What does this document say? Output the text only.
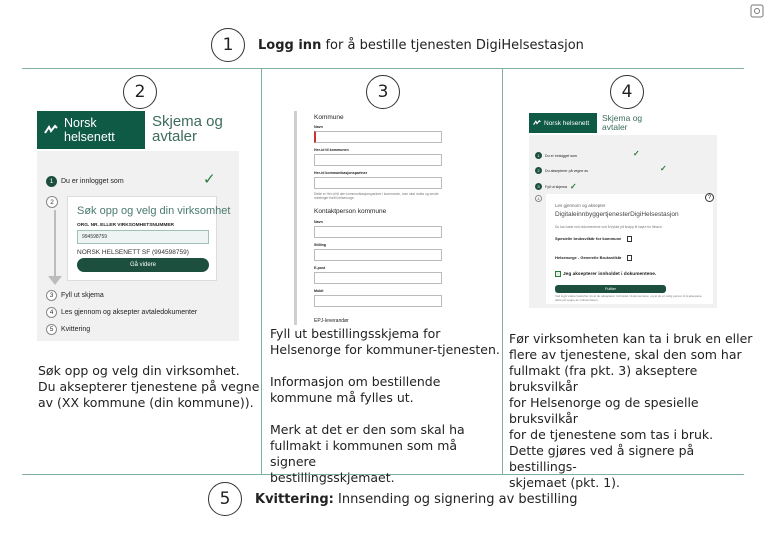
1	Logg inn for å bestille tjenesten DigiHelsestasjon
2
Norsk helsenett
Skjema og
avtaler
1	Du er innlogget som	✓
2
Søk opp og velg din virksomhet
ORG. NR. ELLER VIRKSOMHETSNUMMER
994598759
NORSK HELSENETT SF (994598759)
Gå videre
3	Fyll ut skjema
4	Les gjennom og aksepter avtaledokumenter
5	Kvittering

Søk opp og velg din virksomhet.

Du aksepterer tjenestene på vegne

av (XX kommune (din kommune)).

3
Kommune
Navn
Her-id til kommunen
Her-id kommunikasjonspartner
Dette er Her-id til den kommunikasjonspartner i kommunen, som skal motta og sende meldinger fra/til helsenorge.
Kontaktperson kommune
Navn
Stilling
E-post
Mobil
EPJ-leverandør

Fyll ut bestillingsskjema for

Helsenorge for kommuner-tjenesten.

Informasjon om bestillende

kommune må fylles ut.

Merk at det er den som skal ha

fullmakt i kommunen som må signere

bestillingsskjemaet.

4
Norsk helsenett Skjema og
avtaler
1	Du er innlogget som	✓
2	Du aksepterer på vegne av	✓
3	Fyll ut skjema ✓
4	?
Les gjennom og aksepter
DigitaleinnbyggertjenesterDigiHelsestasjon
Du kan laste ned dokumentene ved å trykke på knapp til høyre for filnavn.
Spesielle bruksvilkår for kommune
Helsenorge - Generelle Bruksvilkår
Jeg aksepterer innholdet i dokumentene.
Fullfør
Ved å gå videre bekrefter du at du aksepterer innholdet i dokumentene, og at du er rettig person til å akseptere dette på vegne av virksomheten.

Før virksomheten kan ta i bruk en eller

flere av tjenestene, skal den som har

fullmakt (fra pkt. 3) akseptere bruksvilkår

for Helsenorge og de spesielle bruksvilkår

for de tjenestene som tas i bruk.

Dette gjøres ved å signere på bestillings-

skjemaet (pkt. 1).

5	Kvittering: Innsending og signering av bestilling
